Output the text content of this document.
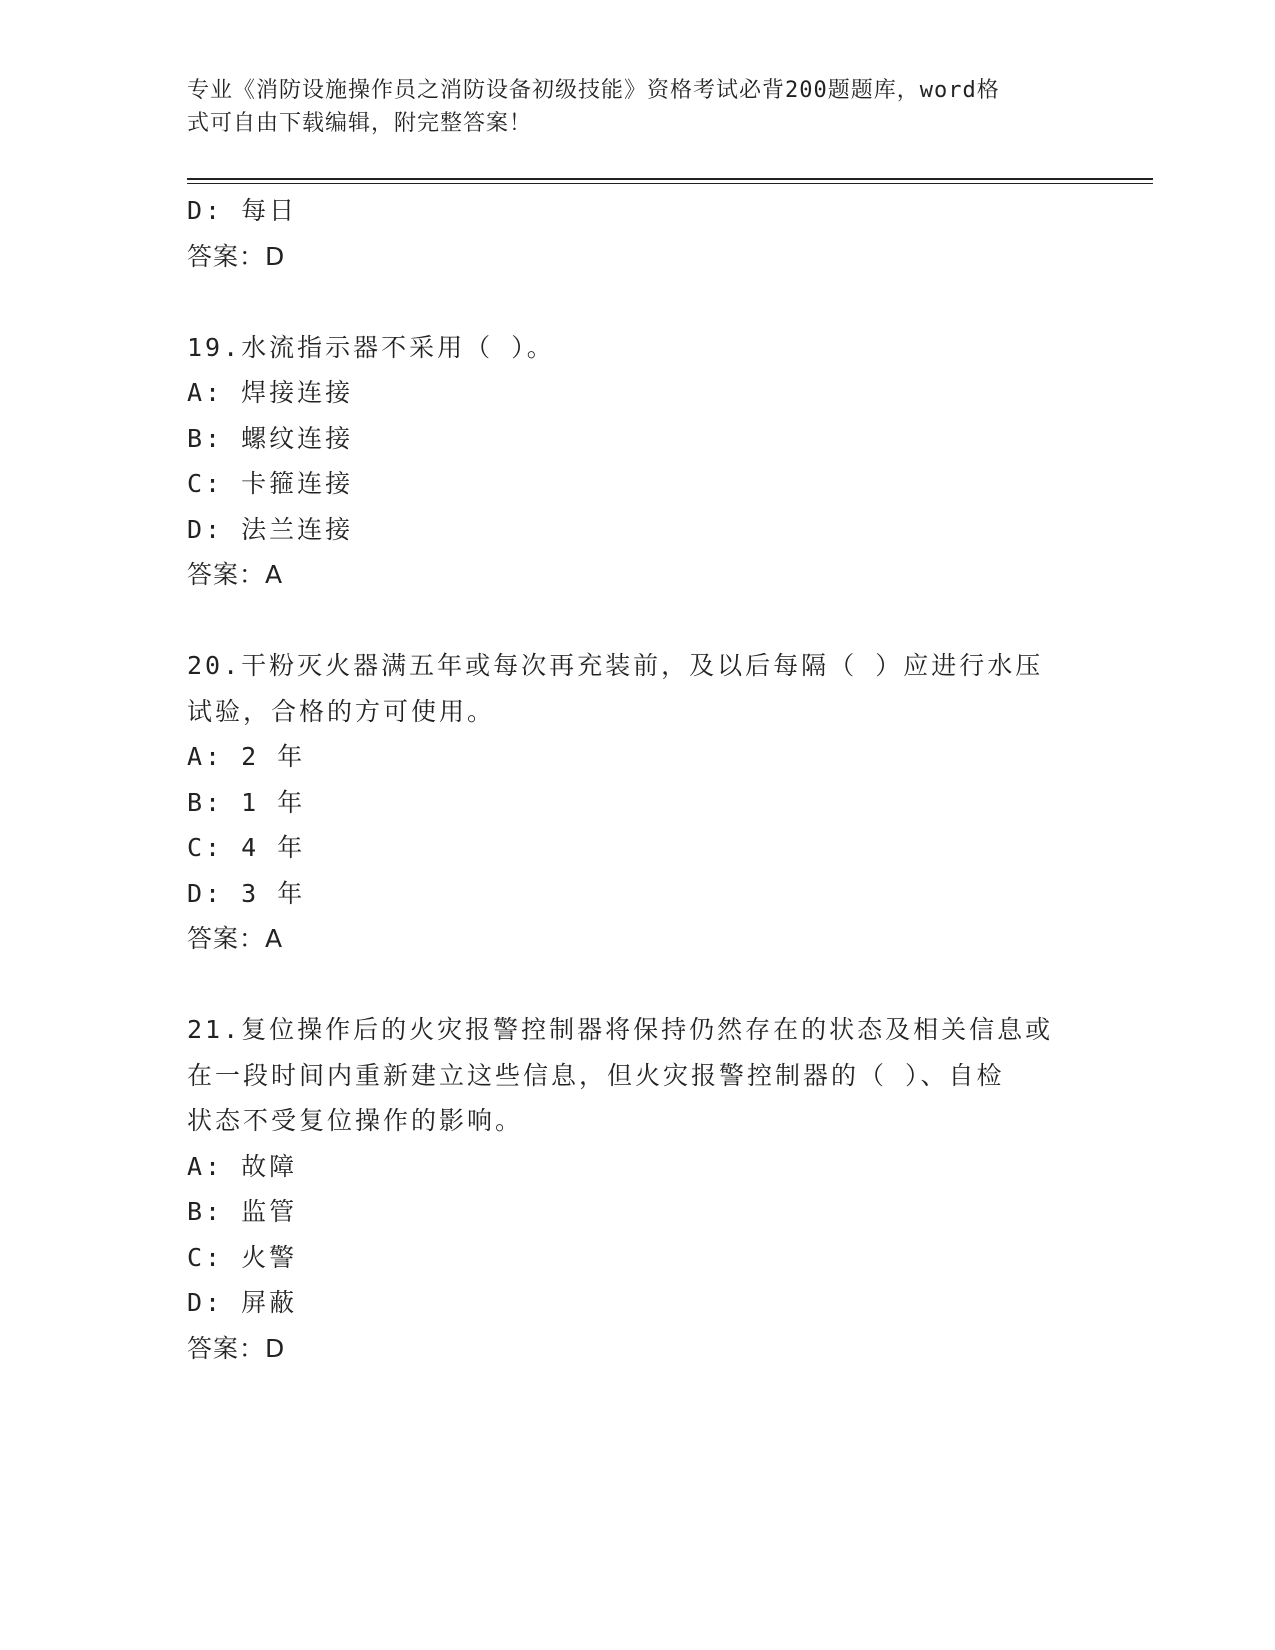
专业《消防设施操作员之消防设备初级技能》资格考试必背200题题库，word格
式可自由下载编辑，附完整答案！
D: 每日
答案：D
19.水流指示器不采用（ ）。
A: 焊接连接
B: 螺纹连接
C: 卡箍连接
D: 法兰连接
答案：A
20.干粉灭火器满五年或每次再充装前，及以后每隔（ ）应进行水压
试验，合格的方可使用。
A: 2 年
B: 1 年
C: 4 年
D: 3 年
答案：A
21.复位操作后的火灾报警控制器将保持仍然存在的状态及相关信息或
在一段时间内重新建立这些信息，但火灾报警控制器的（ ）、自检
状态不受复位操作的影响。
A: 故障
B: 监管
C: 火警
D: 屏蔽
答案：D
